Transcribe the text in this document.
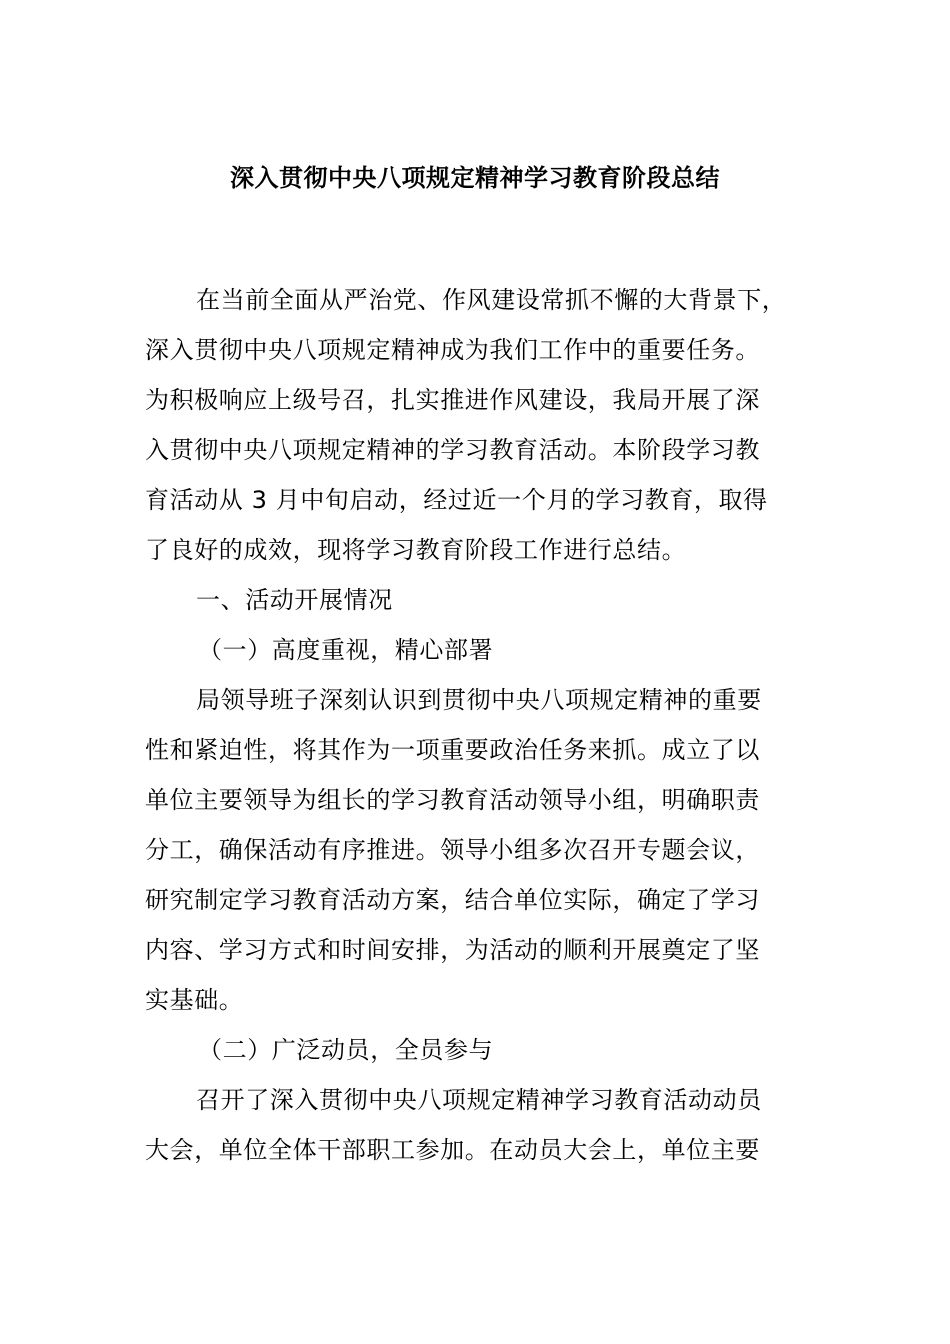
深入贯彻中央八项规定精神学习教育阶段总结
在当前全面从严治党、作风建设常抓不懈的大背景下，
深入贯彻中央八项规定精神成为我们工作中的重要任务。
为积极响应上级号召，扎实推进作风建设，我局开展了深
入贯彻中央八项规定精神的学习教育活动。本阶段学习教
育活动从 3 月中旬启动，经过近一个月的学习教育，取得
了良好的成效，现将学习教育阶段工作进行总结。
一、活动开展情况
（一）高度重视，精心部署
局领导班子深刻认识到贯彻中央八项规定精神的重要
性和紧迫性，将其作为一项重要政治任务来抓。成立了以
单位主要领导为组长的学习教育活动领导小组，明确职责
分工，确保活动有序推进。领导小组多次召开专题会议，
研究制定学习教育活动方案，结合单位实际，确定了学习
内容、学习方式和时间安排，为活动的顺利开展奠定了坚
实基础。
（二）广泛动员，全员参与
召开了深入贯彻中央八项规定精神学习教育活动动员
大会，单位全体干部职工参加。在动员大会上，单位主要
